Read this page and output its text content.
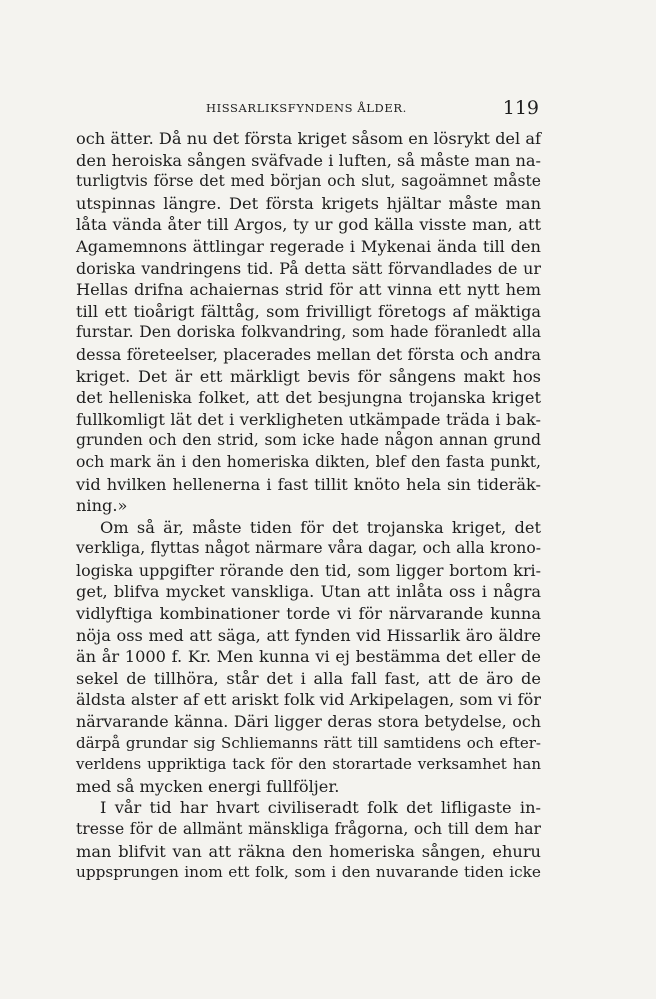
HISSARLIKSFYNDENS ÅLDER.	119
och ätter. Då nu det första kriget såsom en lösrykt del af
den heroiska sången sväfvade i luften, så måste man na-
turligtvis förse det med början och slut, sagoämnet måste
utspinnas längre. Det första krigets hjältar måste man
låta vända åter till Argos, ty ur god källa visste man, att
Agamemnons ättlingar regerade i Mykenai ända till den
doriska vandringens tid. På detta sätt förvandlades de ur
Hellas drifna achaiernas strid för att vinna ett nytt hem
till ett tioårigt fälttåg, som frivilligt företogs af mäktiga
furstar. Den doriska folkvandring, som hade föranledt alla
dessa företeelser, placerades mellan det första och andra
kriget. Det är ett märkligt bevis för sångens makt hos
det helleniska folket, att det besjungna trojanska kriget
fullkomligt lät det i verkligheten utkämpade träda i bak-
grunden och den strid, som icke hade någon annan grund
och mark än i den homeriska dikten, blef den fasta punkt,
vid hvilken hellenerna i fast tillit knöto hela sin tideräk-
ning.»
Om så är, måste tiden för det trojanska kriget, det
verkliga, flyttas något närmare våra dagar, och alla krono-
logiska uppgifter rörande den tid, som ligger bortom kri-
get, blifva mycket vanskliga. Utan att inlåta oss i några
vidlyftiga kombinationer torde vi för närvarande kunna
nöja oss med att säga, att fynden vid Hissarlik äro äldre
än år 1000 f. Kr. Men kunna vi ej bestämma det eller de
sekel de tillhöra, står det i alla fall fast, att de äro de
äldsta alster af ett ariskt folk vid Arkipelagen, som vi för
närvarande känna. Däri ligger deras stora betydelse, och
därpå grundar sig Schliemanns rätt till samtidens och efter-
verldens uppriktiga tack för den storartade verksamhet han
med så mycken energi fullföljer.
I vår tid har hvart civiliseradt folk det lifligaste in-
tresse för de allmänt mänskliga frågorna, och till dem har
man blifvit van att räkna den homeriska sången, ehuru
uppsprungen inom ett folk, som i den nuvarande tiden icke
